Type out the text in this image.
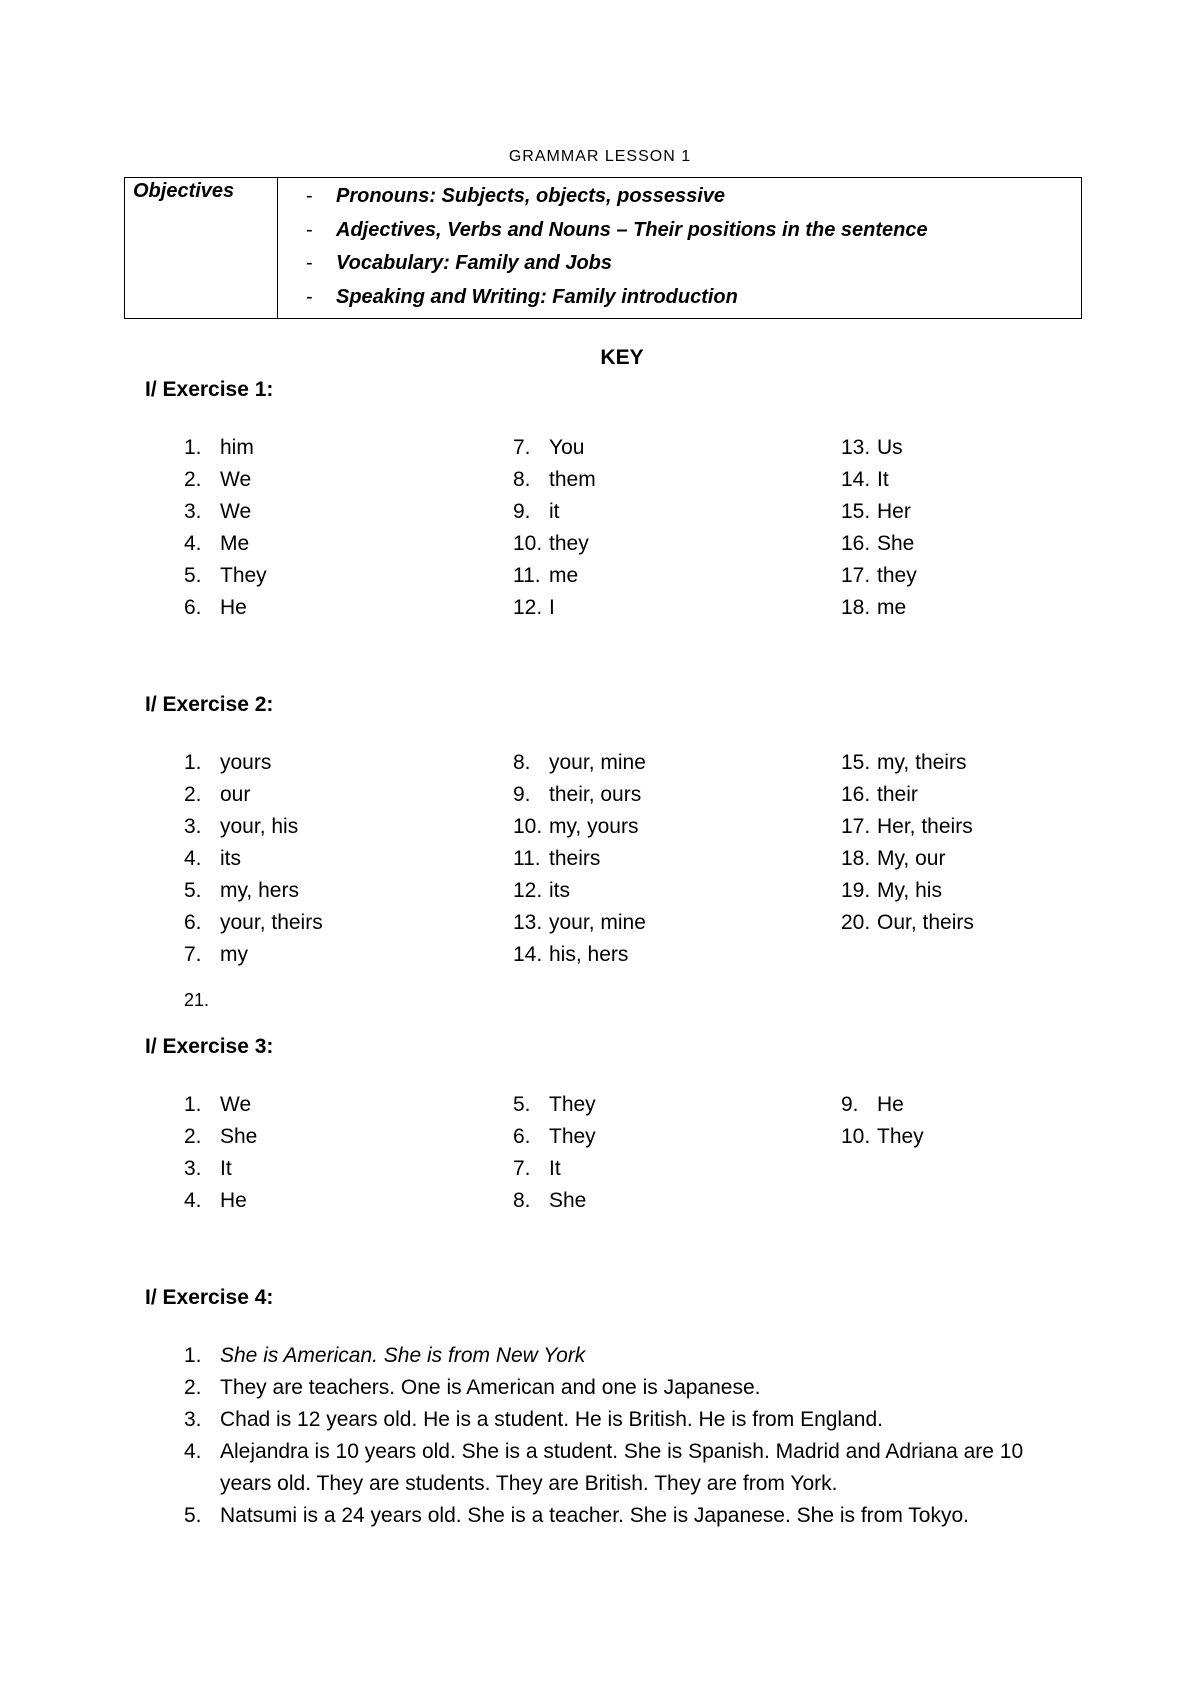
GRAMMAR LESSON 1
Objectives	- Pronouns: Subjects, objects, possessive
- Adjectives, Verbs and Nouns – Their positions in the sentence
- Vocabulary: Family and Jobs
- Speaking and Writing: Family introduction
KEY
I/ Exercise 1:
1. him
2. We
3. We
4. Me
5. They
6. He
7. You
8. them
9. it
10. they
11. me
12. I
13. Us
14. It
15. Her
16. She
17. they
18. me
I/ Exercise 2:
1. yours
2. our
3. your, his
4. its
5. my, hers
6. your, theirs
7. my
8. your, mine
9. their, ours
10. my, yours
11. theirs
12. its
13. your, mine
14. his, hers
15. my, theirs
16. their
17. Her, theirs
18. My, our
19. My, his
20. Our, theirs
21.
I/ Exercise 3:
1. We
2. She
3. It
4. He
5. They
6. They
7. It
8. She
9. He
10. They
I/ Exercise 4:
1. She is American. She is from New York
2. They are teachers. One is American and one is Japanese.
3. Chad is 12 years old. He is a student. He is British. He is from England.
4. Alejandra is 10 years old. She is a student. She is Spanish. Madrid and Adriana are 10 years old. They are students. They are British. They are from York.
5. Natsumi is a 24 years old. She is a teacher. She is Japanese. She is from Tokyo.
